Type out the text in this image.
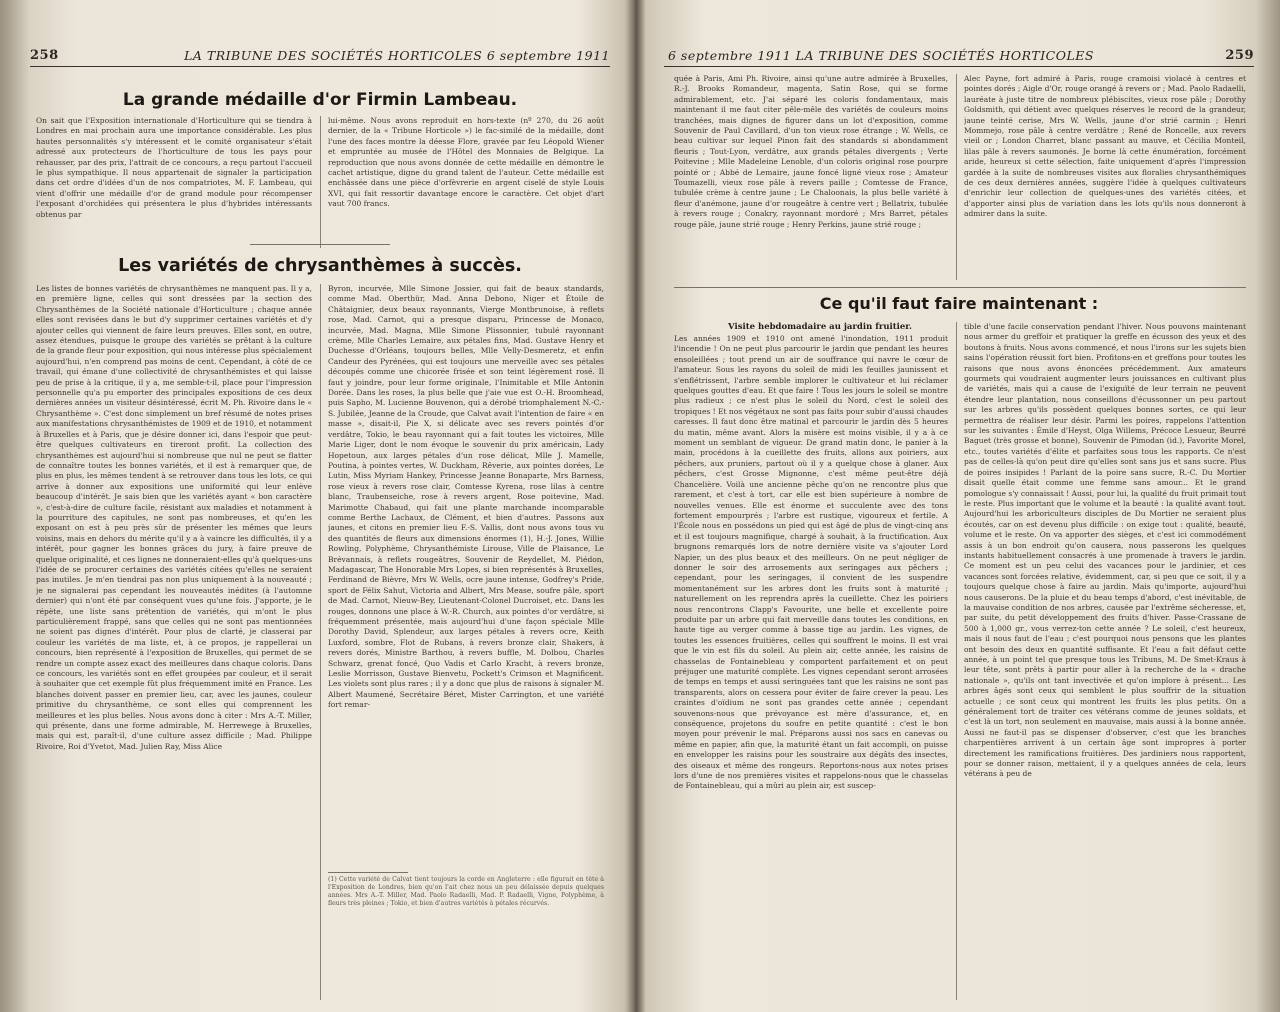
258	LA TRIBUNE DES SOCIÉTÉS HORTICOLES 6 septembre 1911
La grande médaille d'or Firmin Lambeau.
On sait que l'Exposition internationale d'Horticulture qui se tiendra à Londres en mai prochain aura une importance considérable. Les plus hautes personnalités s'y intéressent et le comité organisateur s'était adressé aux protecteurs de l'horticulture de tous les pays pour rehausser, par des prix, l'attrait de ce concours, a reçu partout l'accueil le plus sympathique. Il nous appartenait de signaler la participation dans cet ordre d'idées d'un de nos compatriotes, M. F. Lambeau, qui vient d'offrir une médaille d'or de grand module pour récompenser l'exposant d'orchidées qui présentera le plus d'hybrides intéressants obtenus par
lui-même. Nous avons reproduit en hors-texte (nº 270, du 26 août dernier, de la « Tribune Horticole ») le fac-similé de la médaille, dont l'une des faces montre la déesse Flore, gravée par feu Léopold Wiener et empruntée au musée de l'Hôtel des Monnaies de Belgique. La reproduction que nous avons donnée de cette médaille en démontre le cachet artistique, digne du grand talent de l'auteur. Cette médaille est enchâssée dans une pièce d'orfèvrerie en argent ciselé de style Louis XVI, qui fait ressortir davantage encore le caractère. Cet objet d'art vaut 700 francs.
Les variétés de chrysanthèmes à succès.
Les listes de bonnes variétés de chrysanthèmes ne manquent pas. Il y a, en première ligne, celles qui sont dressées par la section des Chrysanthèmes de la Société nationale d'Horticulture ; chaque année elles sont revisées dans le but d'y supprimer certaines variétés et d'y ajouter celles qui viennent de faire leurs preuves. Elles sont, en outre, assez étendues, puisque le groupe des variétés se prêtant à la culture de la grande fleur pour exposition, qui nous intéresse plus spécialement aujourd'hui, n'en comprend pas moins de cent. Cependant, à côté de ce travail, qui émane d'une collectivité de chrysanthémistes et qui laisse peu de prise à la critique, il y a, me semble-t-il, place pour l'impression personnelle qu'a pu emporter des principales expositions de ces deux dernières années un visiteur désintéressé, écrit M. Ph. Rivoire dans le « Chrysanthème ». C'est donc simplement un bref résumé de notes prises aux manifestations chrysanthémistes de 1909 et de 1910, et notamment à Bruxelles et à Paris, que je désire donner ici, dans l'espoir que peut-être quelques cultivateurs en tireront profit. La collection des chrysanthèmes est aujourd'hui si nombreuse que nul ne peut se flatter de connaître toutes les bonnes variétés, et il est à remarquer que, de plus en plus, les mêmes tendent à se retrouver dans tous les lots, ce qui arrive à donner aux expositions une uniformité qui leur enlève beaucoup d'intérêt. Je sais bien que les variétés ayant « bon caractère », c'est-à-dire de culture facile, résistant aux maladies et notamment à la pourriture des capitules, ne sont pas nombreuses, et qu'en les exposant on est à peu près sûr de présenter les mêmes que leurs voisins, mais en dehors du mérite qu'il y a à vaincre les difficultés, il y a intérêt, pour gagner les bonnes grâces du jury, à faire preuve de quelque originalité, et ces lignes ne donneraient-elles qu'à quelques-uns l'idée de se procurer certaines des variétés citées qu'elles ne seraient pas inutiles. Je m'en tiendrai pas non plus uniquement à la nouveauté ; je ne signalerai pas cependant les nouveautés inédites (à l'automne dernier) qui n'ont été par conséquent vues qu'une fois. J'apporte, je le répète, une liste sans prétention de variétés, qui m'ont le plus particulièrement frappé, sans que celles qui ne sont pas mentionnées ne soient pas dignes d'intérêt. Pour plus de clarté, je classerai par couleur les variétés de ma liste, et, à ce propos, je rappellerai un concours, bien représenté à l'exposition de Bruxelles, qui permet de se rendre un compte assez exact des meilleures dans chaque coloris. Dans ce concours, les variétés sont en effet groupées par couleur, et il serait à souhaiter que cet exemple fût plus fréquemment imité en France. Les blanches doivent passer en premier lieu, car, avec les jaunes, couleur primitive du chrysanthème, ce sont elles qui comprennent les meilleures et les plus belles. Nous avons donc à citer : Mrs A.-T. Miller, qui présente, dans une forme admirable, M. Herrewege à Bruxelles, mais qui est, paraît-il, d'une culture assez difficile ; Mad. Philippe Rivoire, Roi d'Yvetot, Mad. Julien Ray, Miss Alice
Byron, incurvée, Mlle Simone Jossier, qui fait de beaux standards, comme Mad. Oberthür, Mad. Anna Debono, Niger et Étoile de Châtaignier, deux beaux rayonnants, Vierge Montbrunoise, à reflets rose, Mad. Carnot, qui a presque disparu, Princesse de Monaco, incurvée, Mad. Magna, Mlle Simone Plissonnier, tubulé rayonnant crème, Mlle Charles Lemaire, aux pétales fins, Mad. Gustave Henry et Duchesse d'Orléans, toujours belles, Mlle Velly-Desmeretz, et enfin Candeur des Pyrénées, qui est toujours une merveille avec ses pétales découpés comme une chicorée frisée et son teint légèrement rosé. Il faut y joindre, pour leur forme originale, l'Inimitable et Mlle Antonin Dorée. Dans les roses, la plus belle que j'aie vue est O.-H. Broomhead, puis Sapho, M. Lucienne Bouvenon, qui a dérobé triomphalement N.-C.-S. Jubilée, Jeanne de la Croude, que Calvat avait l'intention de faire « en masse », disait-il, Pie X, si délicate avec ses revers pointés d'or verdâtre, Tokio, le beau rayonnant qui a fait toutes les victoires, Mlle Marie Liger, dont le nom évoque le souvenir du prix américain, Lady Hopetoun, aux larges pétales d'un rose délicat, Mlle J. Mamelle, Poutina, à pointes vertes, W. Duckham, Rêverie, aux pointes dorées, Le Lutin, Miss Myriam Hankey, Princesse Jeanne Bonaparte, Mrs Barness, rose vieux à revers rose clair, Comtesse Kyrena, rose lilas à centre blanc, Traubenseiche, rose à revers argent, Rose poitevine, Mad. Marimotte Chabaud, qui fait une plante marchande incomparable comme Berthe Lachaux, de Clément, et bien d'autres. Passons aux jaunes, et citons en premier lieu F.-S. Vallis, dont nous avons tous vu des quantités de fleurs aux dimensions énormes (1), H.-J. Jones, Willie Rowling, Polyphème, Chrysanthémiste Lirouse, Ville de Plaisance, Le Brévannais, à reflets rougeâtres, Souvenir de Reydellet, M. Piédon, Madagascar, The Honorable Mrs Lopes, si bien représentés à Bruxelles, Ferdinand de Bièvre, Mrs W. Wells, ocre jaune intense, Godfrey's Pride, sport de Félix Sahut, Victoria and Albert, Mrs Mease, soufre pâle, sport de Mad. Carnot, Nieuw-Bey, Lieutenant-Colonel Ducroiset, etc. Dans les rouges, donnons une place à W.-R. Church, aux pointes d'or verdâtre, si fréquemment présentée, mais aujourd'hui d'une façon spéciale Mlle Dorothy David, Splendeur, aux larges pétales à revers ocre, Keith Luxford, sombre, Flot de Rubans, à revers bronze clair, Shakers, à revers dorés, Ministre Barthou, à revers buffle, M. Dolbou, Charles Schwarz, grenat foncé, Quo Vadis et Carlo Kracht, à revers bronze, Leslie Morrisson, Gustave Bienvetu, Pockett's Crimson et Magnificent. Les violets sont plus rares ; il y a donc que plus de raisons à signaler M. Albert Maumené, Secrétaire Béret, Mister Carrington, et une variété fort remar-
(1) Cette variété de Calvat tient toujours la corde en Angleterre : elle figurait en tête à l'Exposition de Londres, bien qu'on l'ait chez nous un peu délaissée depuis quelques années. Mrs A.-T. Miller, Mad. Paolo Radaelli, Mad. P. Radaelli, Vigne, Polyphème, à fleurs très pleines ; Tokio, et bien d'autres variétés à pétales récurvés.
6 septembre 1911 LA TRIBUNE DES SOCIÉTÉS HORTICOLES	259
quée à Paris, Ami Ph. Rivoire, ainsi qu'une autre admirée à Bruxelles, R.-J. Brooks Romandeur, magenta, Satin Rose, qui se forme admirablement, etc. J'ai séparé les coloris fondamentaux, mais maintenant il me faut citer pêle-mêle des variétés de couleurs moins tranchées, mais dignes de figurer dans un lot d'exposition, comme Souvenir de Paul Cavillard, d'un ton vieux rose étrange ; W. Wells, ce beau cultivar sur lequel Pinon fait des standards si abondamment fleuris ; Tout-Lyon, verdâtre, aux grands pétales divergents ; Verte Poitevine ; Mlle Madeleine Lenoble, d'un coloris original rose pourpre pointé or ; Abbé de Lemaire, jaune foncé ligné vieux rose ; Amateur Toumazelli, vieux rose pâle à revers paille ; Comtesse de France, tubulée crème à centre jaune ; Le Chaloonais, la plus belle variété à fleur d'anémone, jaune d'or rougeâtre à centre vert ; Bellatrix, tubulée à revers rouge ; Conakry, rayonnant mordoré ; Mrs Barret, pétales rouge pâle, jaune strié rouge ; Henry Perkins, jaune strié rouge ;
Alec Payne, fort admiré à Paris, rouge cramoisi violacé à centres et pointes dorés ; Aigle d'Or, rouge orangé à revers or ; Mad. Paolo Radaelli, lauréate à juste titre de nombreux plébiscites, vieux rose pâle ; Dorothy Goldsmith, qui détient avec quelques réserves le record de la grandeur, jaune teinté cerise, Mrs W. Wells, jaune d'or strié carmin ; Henri Mommejo, rose pâle à centre verdâtre ; René de Roncelle, aux revers vieil or ; London Charret, blanc passant au mauve, et Cécilia Monteil, lilas pâle à revers saumonés. Je borne là cette énumération, forcément aride, heureux si cette sélection, faite uniquement d'après l'impression gardée à la suite de nombreuses visites aux floralies chrysanthémiques de ces deux dernières années, suggère l'idée à quelques cultivateurs d'enrichir leur collection de quelques-unes des variétés citées, et d'apporter ainsi plus de variation dans les lots qu'ils nous donneront à admirer dans la suite.
Ce qu'il faut faire maintenant :
Visite hebdomadaire au jardin fruitier.
Les années 1909 et 1910 ont amené l'inondation, 1911 produit l'incendie ! On ne peut plus parcourir le jardin que pendant les heures ensoleillées ; tout prend un air de souffrance qui navre le cœur de l'amateur. Sous les rayons du soleil de midi les feuilles jaunissent et s'enflétrissent, l'arbre semble implorer le cultivateur et lui réclamer quelques gouttes d'eau. Et que faire ! Tous les jours le soleil se montre plus radieux ; ce n'est plus le soleil du Nord, c'est le soleil des tropiques ! Et nos végétaux ne sont pas faits pour subir d'aussi chaudes caresses. Il faut donc être matinal et parcourir le jardin dès 5 heures du matin, même avant. Alors la misère est moins visible, il y a à ce moment un semblant de vigueur. De grand matin donc, le panier à la main, procédons à la cueillette des fruits, allons aux poiriers, aux pêchers, aux pruniers, partout où il y a quelque chose à glaner. Aux pêchers, c'est Grosse Mignonne, c'est même peut-être déjà Chancelière. Voilà une ancienne pêche qu'on ne rencontre plus que rarement, et c'est à tort, car elle est bien supérieure à nombre de nouvelles venues. Elle est énorme et succulente avec des tons fortement empourprés ; l'arbre est rustique, vigoureux et fertile. A l'École nous en possédons un pied qui est âgé de plus de vingt-cinq ans et il est toujours magnifique, chargé à souhait, à la fructification. Aux brugnons remarqués lors de notre dernière visite va s'ajouter Lord Napier, un des plus beaux et des meilleurs. On ne peut négliger de donner le soir des arrosements aux seringages aux pêchers ; cependant, pour les seringages, il convient de les suspendre momentanément sur les arbres dont les fruits sont à maturité ; naturellement on les reprendra après la cueillette. Chez les poiriers nous rencontrons Clapp's Favourite, une belle et excellente poire produite par un arbre qui fait merveille dans toutes les conditions, en haute tige au verger comme à basse tige au jardin. Les vignes, de toutes les essences fruitières, celles qui souffrent le moins. Il est vrai que le vin est fils du soleil. Au plein air, cette année, les raisins de chasselas de Fontainebleau y comportent parfaitement et on peut préjuger une maturité complète. Les vignes cependant seront arrosées de temps en temps et aussi seringuées tant que les raisins ne sont pas transparents, alors on cessera pour éviter de faire crever la peau. Les craintes d'oïdium ne sont pas grandes cette année ; cependant souvenons-nous que prévoyance est mère d'assurance, et, en conséquence, projetons du soufre en petite quantité : c'est le bon moyen pour prévenir le mal. Préparons aussi nos sacs en canevas ou même en papier, afin que, la maturité étant un fait accompli, on puisse en envelopper les raisins pour les soustraire aux dégâts des insectes, des oiseaux et même des rongeurs. Reportons-nous aux notes prises lors d'une de nos premières visites et rappelons-nous que le chasselas de Fontainebleau, qui a mûri au plein air, est suscep-
tible d'une facile conservation pendant l'hiver. Nous pouvons maintenant nous armer du greffoir et pratiquer la greffe en écusson des yeux et des boutons à fruits. Nous avons commencé, et nous l'irons sur les sujets bien sains l'opération réussit fort bien. Profitons-en et greffons pour toutes les raisons que nous avons énoncées précédemment. Aux amateurs gourmets qui voudraient augmenter leurs jouissances en cultivant plus de variétés, mais qui a cause de l'exiguïté de leur terrain ne peuvent étendre leur plantation, nous conseillons d'écussonner un peu partout sur les arbres qu'ils possèdent quelques bonnes sortes, ce qui leur permettra de réaliser leur désir. Parmi les poires, rappelons l'attention sur les suivantes : Émile d'Heyst, Olga Willems, Précoce Lesueur, Beurré Baguet (très grosse et bonne), Souvenir de Pimodan (id.), Favorite Morel, etc., toutes variétés d'élite et parfaites sous tous les rapports. Ce n'est pas de celles-là qu'on peut dire qu'elles sont sans jus et sans sucre. Plus de poires insipides ! Parlant de la poire sans sucre, R.-C. Du Mortier disait quelle était comme une femme sans amour... Et le grand pomologue s'y connaissait ! Aussi, pour lui, la qualité du fruit primait tout le reste. Plus important que le volume et la beauté : la qualité avant tout. Aujourd'hui les arboriculteurs disciples de Du Mortier ne seraient plus écoutés, car on est devenu plus difficile : on exige tout : qualité, beauté, volume et le reste. On va apporter des sièges, et c'est ici commodément assis à un bon endroit qu'on causera, nous passerons les quelques instants habituellement consacrés à une promenade à travers le jardin. Ce moment est un peu celui des vacances pour le jardinier, et ces vacances sont forcées relative, évidemment, car, si peu que ce soit, il y a toujours quelque chose à faire au jardin. Mais qu'importe, aujourd'hui nous causerons. De la pluie et du beau temps d'abord, c'est inévitable, de la mauvaise condition de nos arbres, causée par l'extrême sécheresse, et, par suite, du petit développement des fruits d'hiver. Passe-Crassane de 500 à 1,000 gr., vous verrez-ton cette année ? Le soleil, c'est heureux, mais il nous faut de l'eau ; c'est pourquoi nous pensons que les plantes ont besoin des deux en quantité suffisante. Et l'eau a fait défaut cette année, à un point tel que presque tous les Tribuns, M. De Smet-Kraus à leur tête, sont prêts à partir pour aller à la recherche de la « drache nationale », qu'ils ont tant invectivée et qu'on implore à présent... Les arbres âgés sont ceux qui semblent le plus souffrir de la situation actuelle ; ce sont ceux qui montrent les fruits les plus petits. On a généralement tort de traiter ces vétérans comme de jeunes soldats, et c'est là un tort, non seulement en mauvaise, mais aussi à la bonne année. Aussi ne faut-il pas se dispenser d'observer, c'est que les branches charpentières arrivent à un certain âge sont impropres à porter directement les ramifications fruitières. Des jardiniers nous rapportent, pour se donner raison, mettaient, il y a quelques années de cela, leurs vétérans à peu de
